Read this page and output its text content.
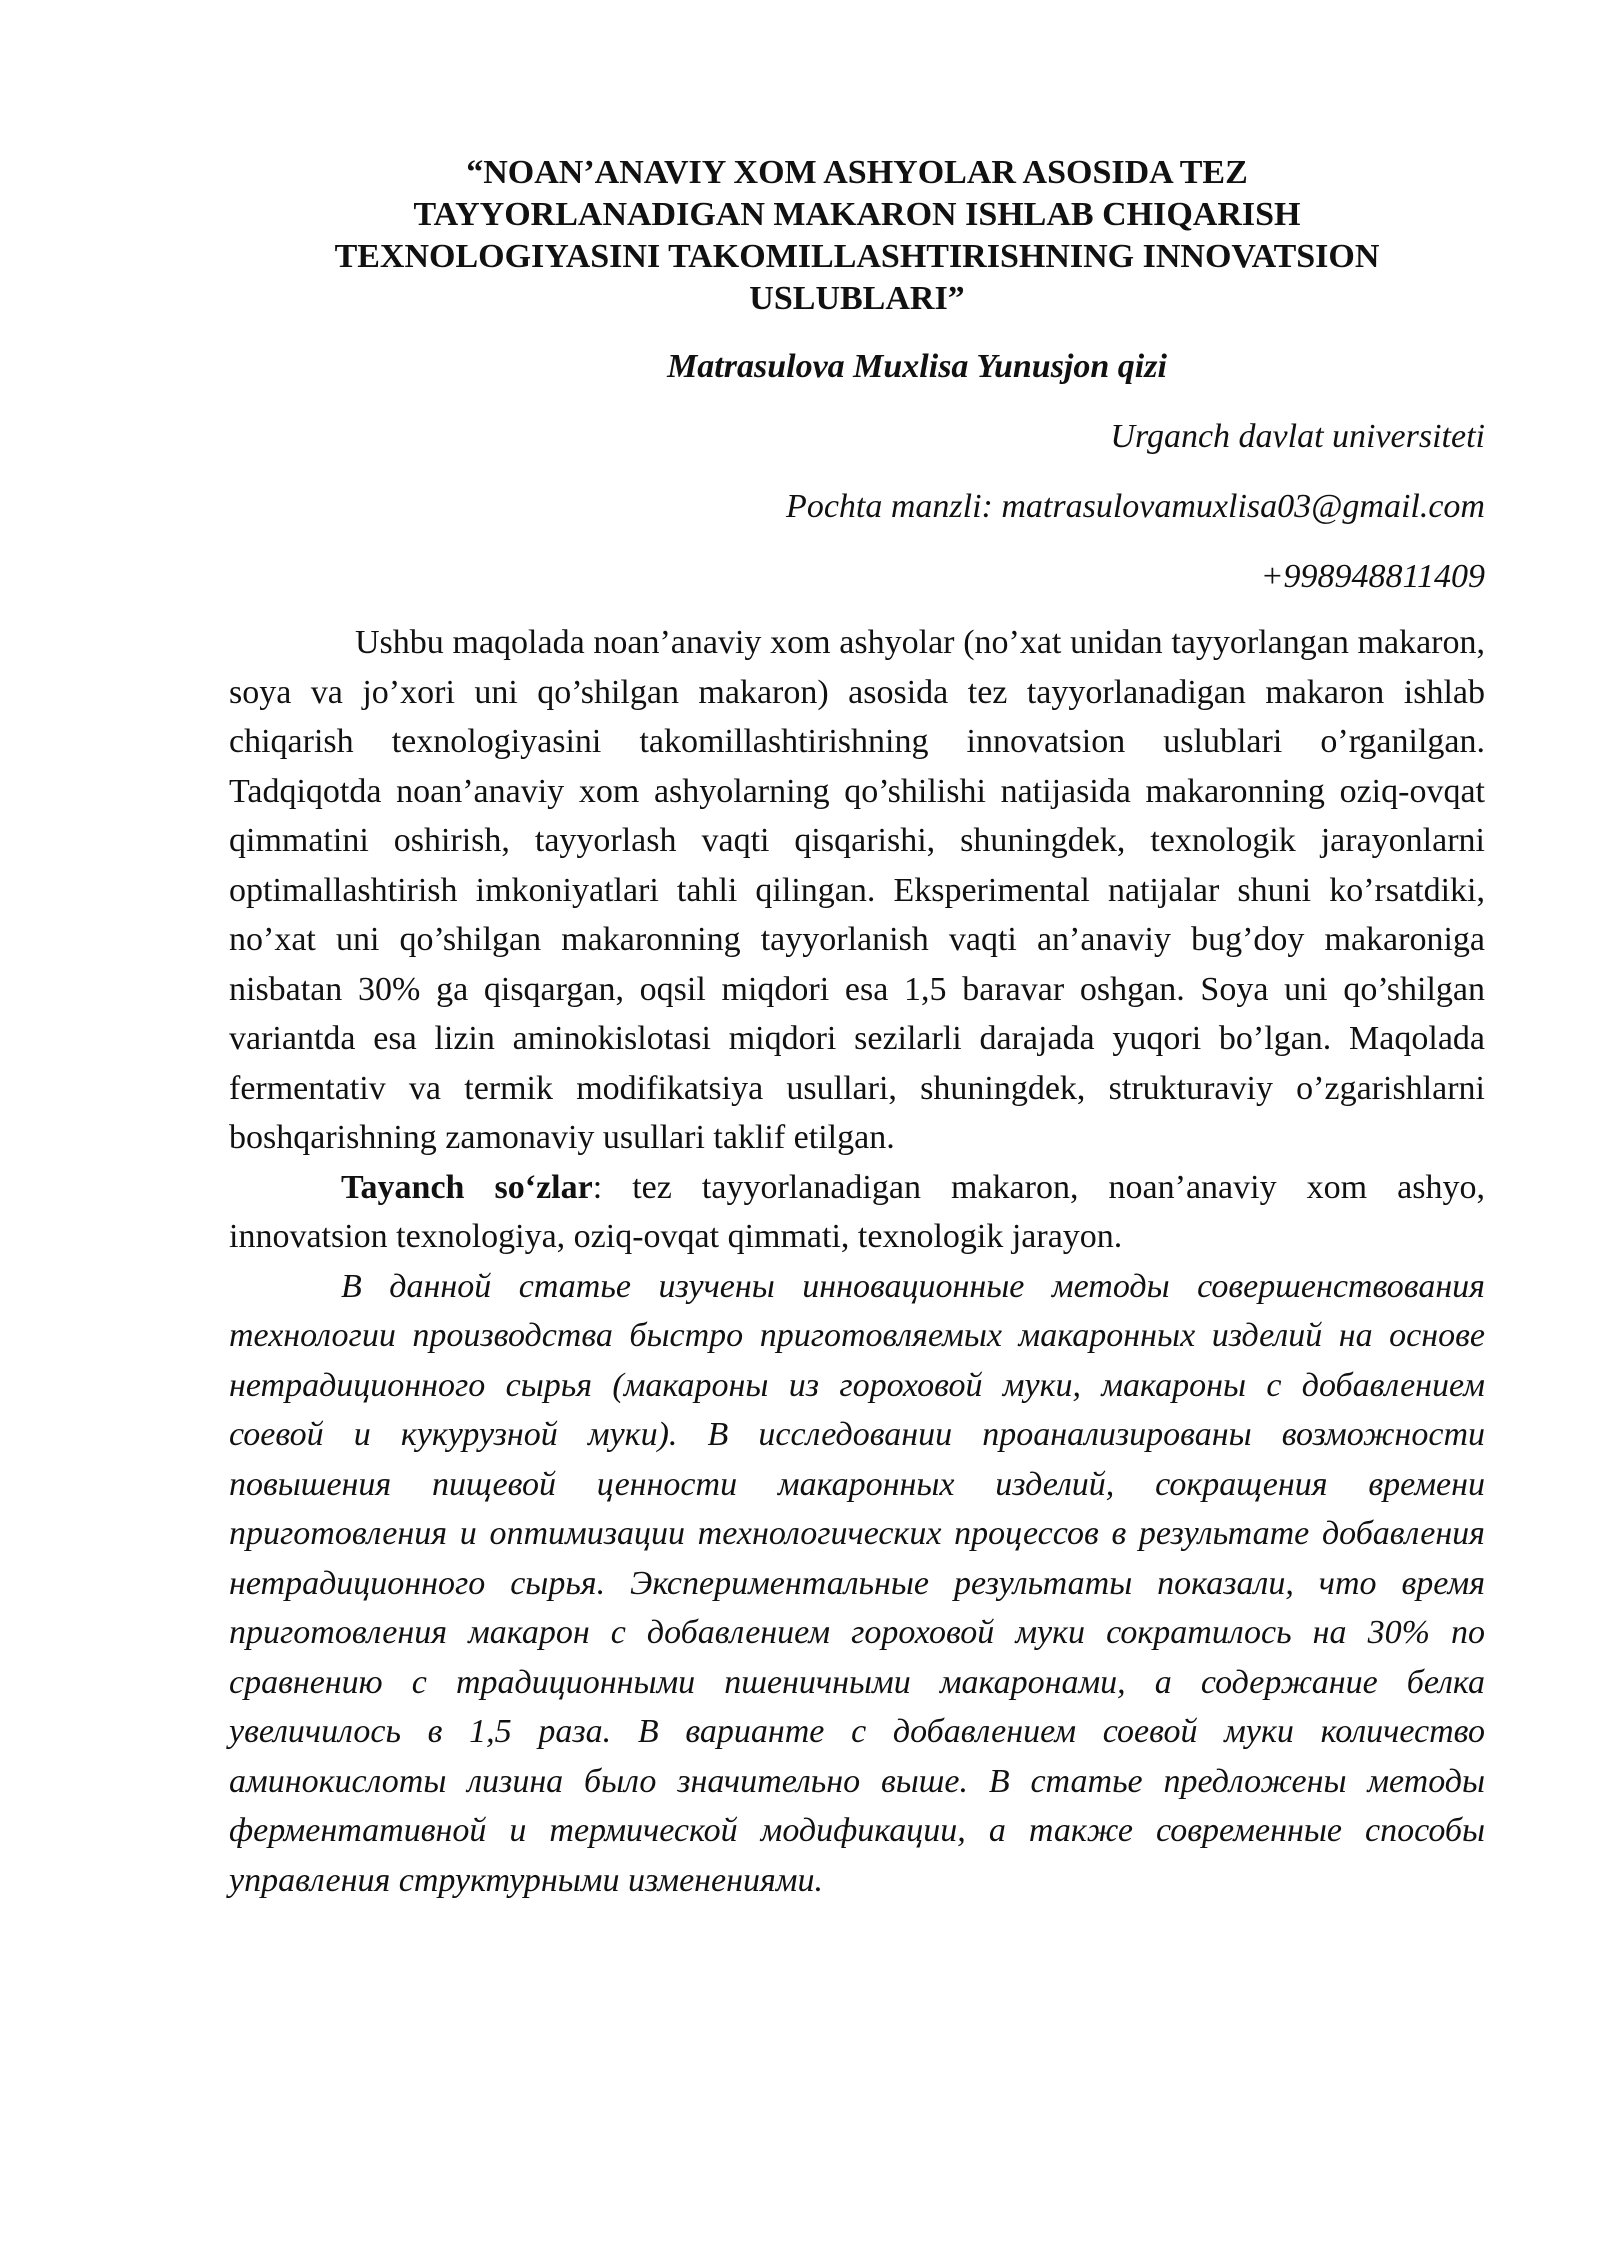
“NOAN’ANAVIY XOM ASHYOLAR ASOSIDA TEZ
TAYYORLANADIGAN MAKARON ISHLAB CHIQARISH
TEXNOLOGIYASINI TAKOMILLASHTIRISHNING INNOVATSION
USLUBLARI”

Matrasulova Muxlisa Yunusjon qizi

Urganch davlat universiteti

Pochta manzli: matrasulovamuxlisa03@gmail.com

+998948811409

Ushbu maqolada noan’anaviy xom ashyolar (no’xat unidan tayyorlangan makaron, soya va jo’xori uni qo’shilgan makaron) asosida tez tayyorlanadigan makaron ishlab chiqarish texnologiyasini takomillashtirishning innovatsion uslublari o’rganilgan. Tadqiqotda noan’anaviy xom ashyolarning qo’shilishi natijasida makaronning oziq-ovqat qimmatini oshirish, tayyorlash vaqti qisqarishi, shuningdek, texnologik jarayonlarni optimallashtirish imkoniyatlari tahli qilingan. Eksperimental natijalar shuni ko’rsatdiki, no’xat uni qo’shilgan makaronning tayyorlanish vaqti an’anaviy bug’doy makaroniga nisbatan 30% ga qisqargan, oqsil miqdori esa 1,5 baravar oshgan. Soya uni qo’shilgan variantda esa lizin aminokislotasi miqdori sezilarli darajada yuqori bo’lgan. Maqolada fermentativ va termik modifikatsiya usullari, shuningdek, strukturaviy o’zgarishlarni boshqarishning zamonaviy usullari taklif etilgan.

Tayanch so‘zlar: tez tayyorlanadigan makaron, noan’anaviy xom ashyo, innovatsion texnologiya, oziq-ovqat qimmati, texnologik jarayon.

В данной статье изучены инновационные методы совершенствования технологии производства быстро приготовляемых макаронных изделий на основе нетрадиционного сырья (макароны из гороховой муки, макароны с добавлением соевой и кукурузной муки). В исследовании проанализированы возможности повышения пищевой ценности макаронных изделий, сокращения времени приготовления и оптимизации технологических процессов в результате добавления нетрадиционного сырья. Экспериментальные результаты показали, что время приготовления макарон с добавлением гороховой муки сократилось на 30% по сравнению с традиционными пшеничными макаронами, а содержание белка увеличилось в 1,5 раза. В варианте с добавлением соевой муки количество аминокислоты лизина было значительно выше. В статье предложены методы ферментативной и термической модификации, а также современные способы управления структурными изменениями.
